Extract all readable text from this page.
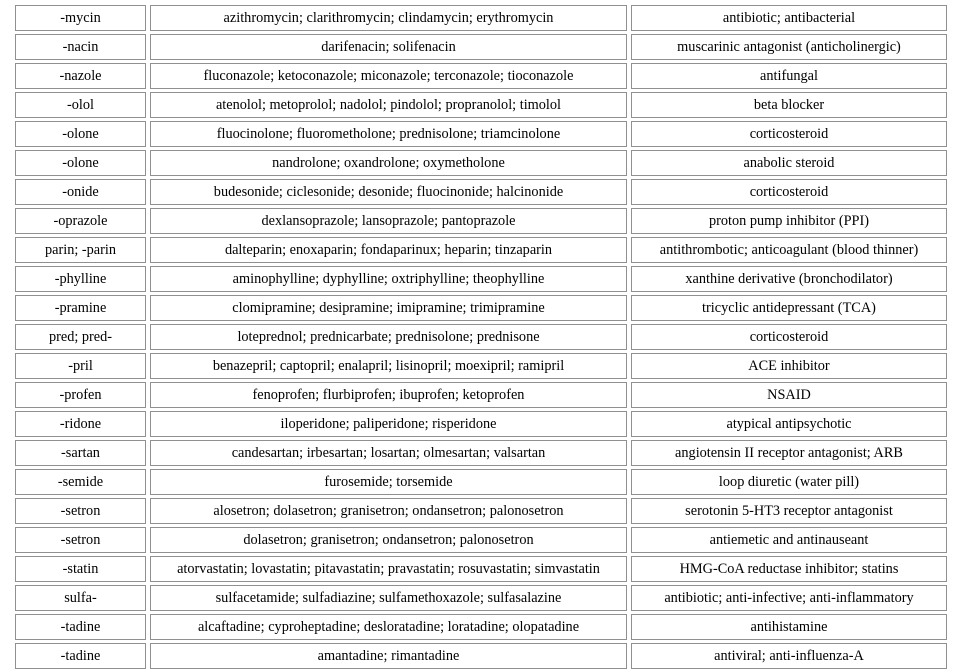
-mycin	azithromycin; clarithromycin; clindamycin; erythromycin	antibiotic; antibacterial
-nacin	darifenacin; solifenacin	muscarinic antagonist (anticholinergic)
-nazole	fluconazole; ketoconazole; miconazole; terconazole; tioconazole	antifungal
-olol	atenolol; metoprolol; nadolol; pindolol; propranolol; timolol	beta blocker
-olone	fluocinolone; fluorometholone; prednisolone; triamcinolone	corticosteroid
-olone	nandrolone; oxandrolone; oxymetholone	anabolic steroid
-onide	budesonide; ciclesonide; desonide; fluocinonide; halcinonide	corticosteroid
-oprazole	dexlansoprazole; lansoprazole; pantoprazole	proton pump inhibitor (PPI)
parin; -parin	dalteparin; enoxaparin; fondaparinux; heparin; tinzaparin	antithrombotic; anticoagulant (blood thinner)
-phylline	aminophylline; dyphylline; oxtriphylline; theophylline	xanthine derivative (bronchodilator)
-pramine	clomipramine; desipramine; imipramine; trimipramine	tricyclic antidepressant (TCA)
pred; pred-	loteprednol; prednicarbate; prednisolone; prednisone	corticosteroid
-pril	benazepril; captopril; enalapril; lisinopril; moexipril; ramipril	ACE inhibitor
-profen	fenoprofen; flurbiprofen; ibuprofen; ketoprofen	NSAID
-ridone	iloperidone; paliperidone; risperidone	atypical antipsychotic
-sartan	candesartan; irbesartan; losartan; olmesartan; valsartan	angiotensin II receptor antagonist; ARB
-semide	furosemide; torsemide	loop diuretic (water pill)
-setron	alosetron; dolasetron; granisetron; ondansetron; palonosetron	serotonin 5-HT3 receptor antagonist
-setron	dolasetron; granisetron; ondansetron; palonosetron	antiemetic and antinauseant
-statin	atorvastatin; lovastatin; pitavastatin; pravastatin; rosuvastatin; simvastatin	HMG-CoA reductase inhibitor; statins
sulfa-	sulfacetamide; sulfadiazine; sulfamethoxazole; sulfasalazine	antibiotic; anti-infective; anti-inflammatory
-tadine	alcaftadine; cyproheptadine; desloratadine; loratadine; olopatadine	antihistamine
-tadine	amantadine; rimantadine	antiviral; anti-influenza-A
